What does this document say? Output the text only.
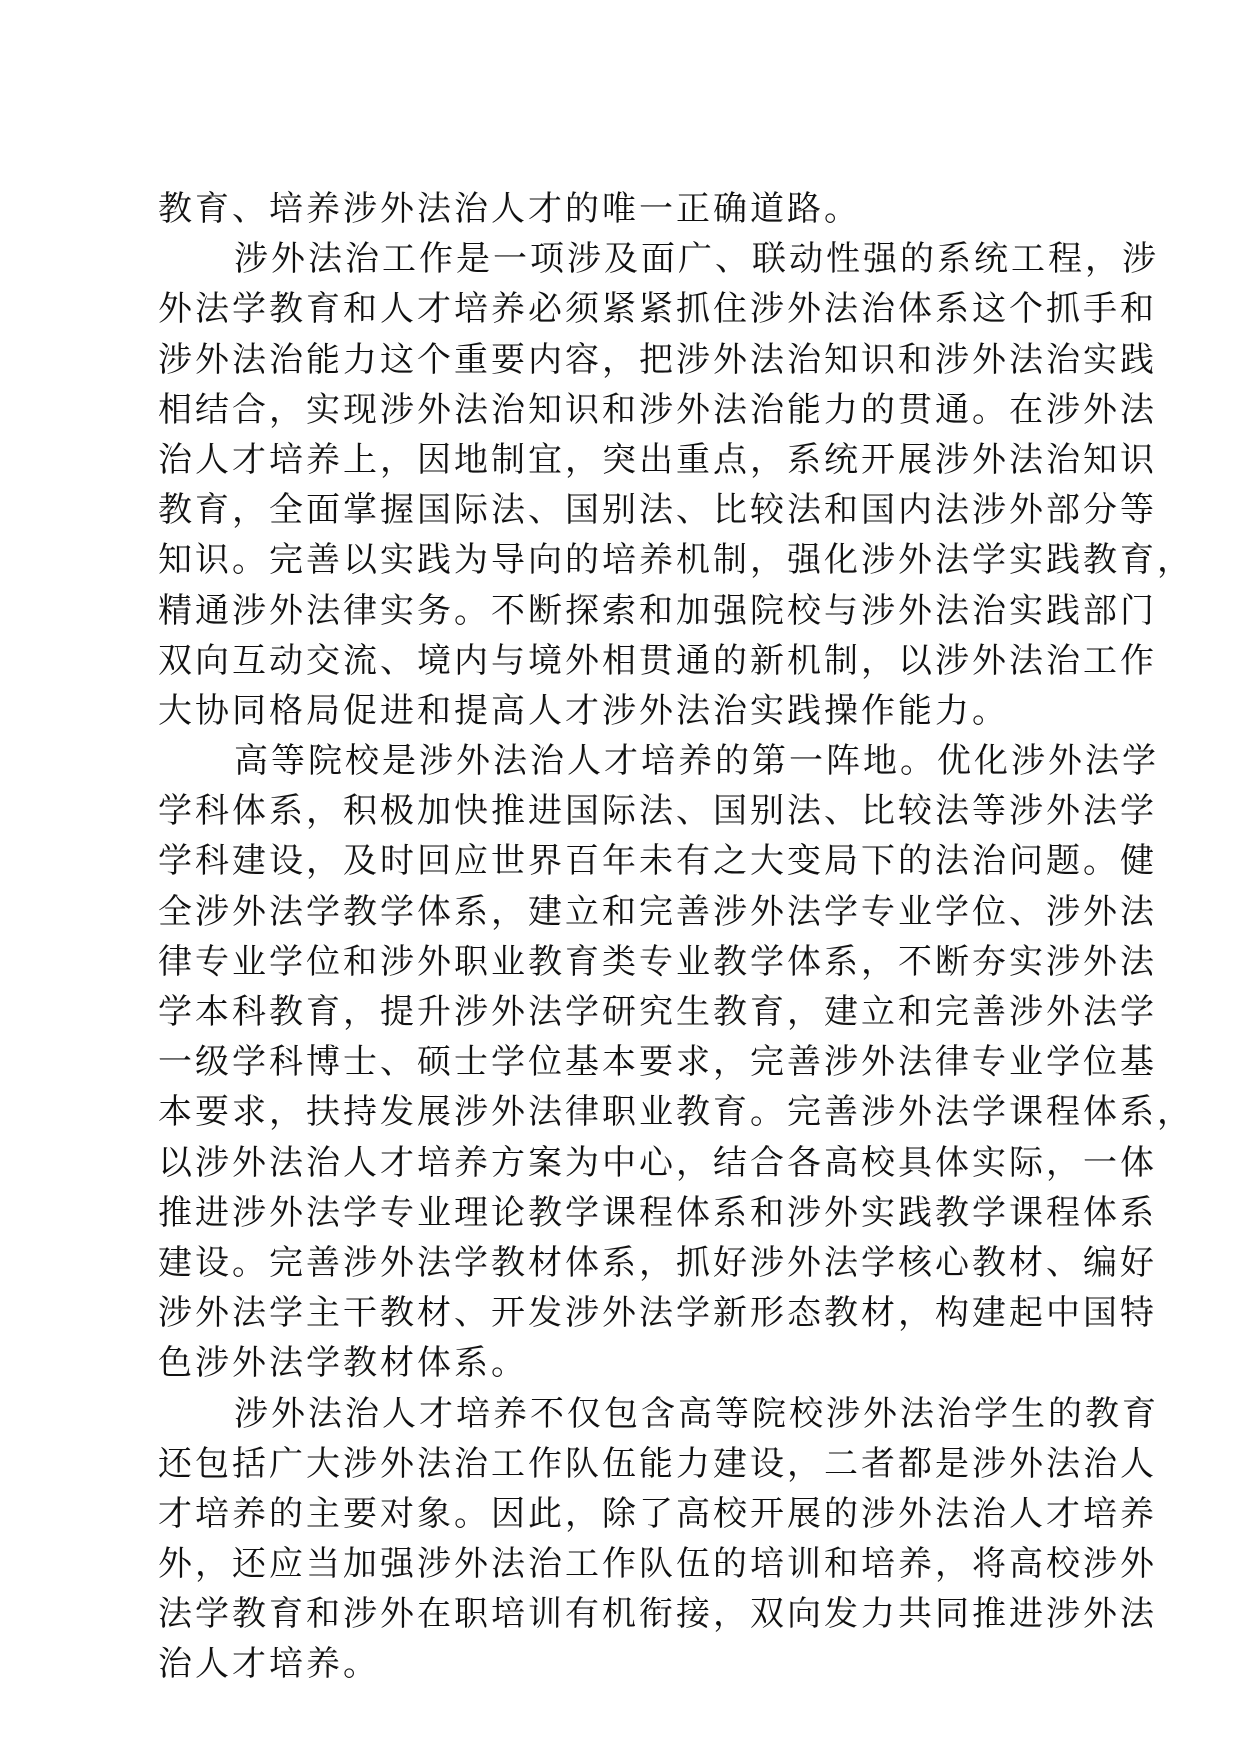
教育、培养涉外法治人才的唯一正确道路。
涉外法治工作是一项涉及面广、联动性强的系统工程，涉
外法学教育和人才培养必须紧紧抓住涉外法治体系这个抓手和
涉外法治能力这个重要内容，把涉外法治知识和涉外法治实践
相结合，实现涉外法治知识和涉外法治能力的贯通。在涉外法
治人才培养上，因地制宜，突出重点，系统开展涉外法治知识
教育，全面掌握国际法、国别法、比较法和国内法涉外部分等
知识。完善以实践为导向的培养机制，强化涉外法学实践教育，
精通涉外法律实务。不断探索和加强院校与涉外法治实践部门
双向互动交流、境内与境外相贯通的新机制，以涉外法治工作
大协同格局促进和提高人才涉外法治实践操作能力。
高等院校是涉外法治人才培养的第一阵地。优化涉外法学
学科体系，积极加快推进国际法、国别法、比较法等涉外法学
学科建设，及时回应世界百年未有之大变局下的法治问题。健
全涉外法学教学体系，建立和完善涉外法学专业学位、涉外法
律专业学位和涉外职业教育类专业教学体系，不断夯实涉外法
学本科教育，提升涉外法学研究生教育，建立和完善涉外法学
一级学科博士、硕士学位基本要求，完善涉外法律专业学位基
本要求，扶持发展涉外法律职业教育。完善涉外法学课程体系，
以涉外法治人才培养方案为中心，结合各高校具体实际，一体
推进涉外法学专业理论教学课程体系和涉外实践教学课程体系
建设。完善涉外法学教材体系，抓好涉外法学核心教材、编好
涉外法学主干教材、开发涉外法学新形态教材，构建起中国特
色涉外法学教材体系。
涉外法治人才培养不仅包含高等院校涉外法治学生的教育
还包括广大涉外法治工作队伍能力建设，二者都是涉外法治人
才培养的主要对象。因此，除了高校开展的涉外法治人才培养
外，还应当加强涉外法治工作队伍的培训和培养，将高校涉外
法学教育和涉外在职培训有机衔接，双向发力共同推进涉外法
治人才培养。
